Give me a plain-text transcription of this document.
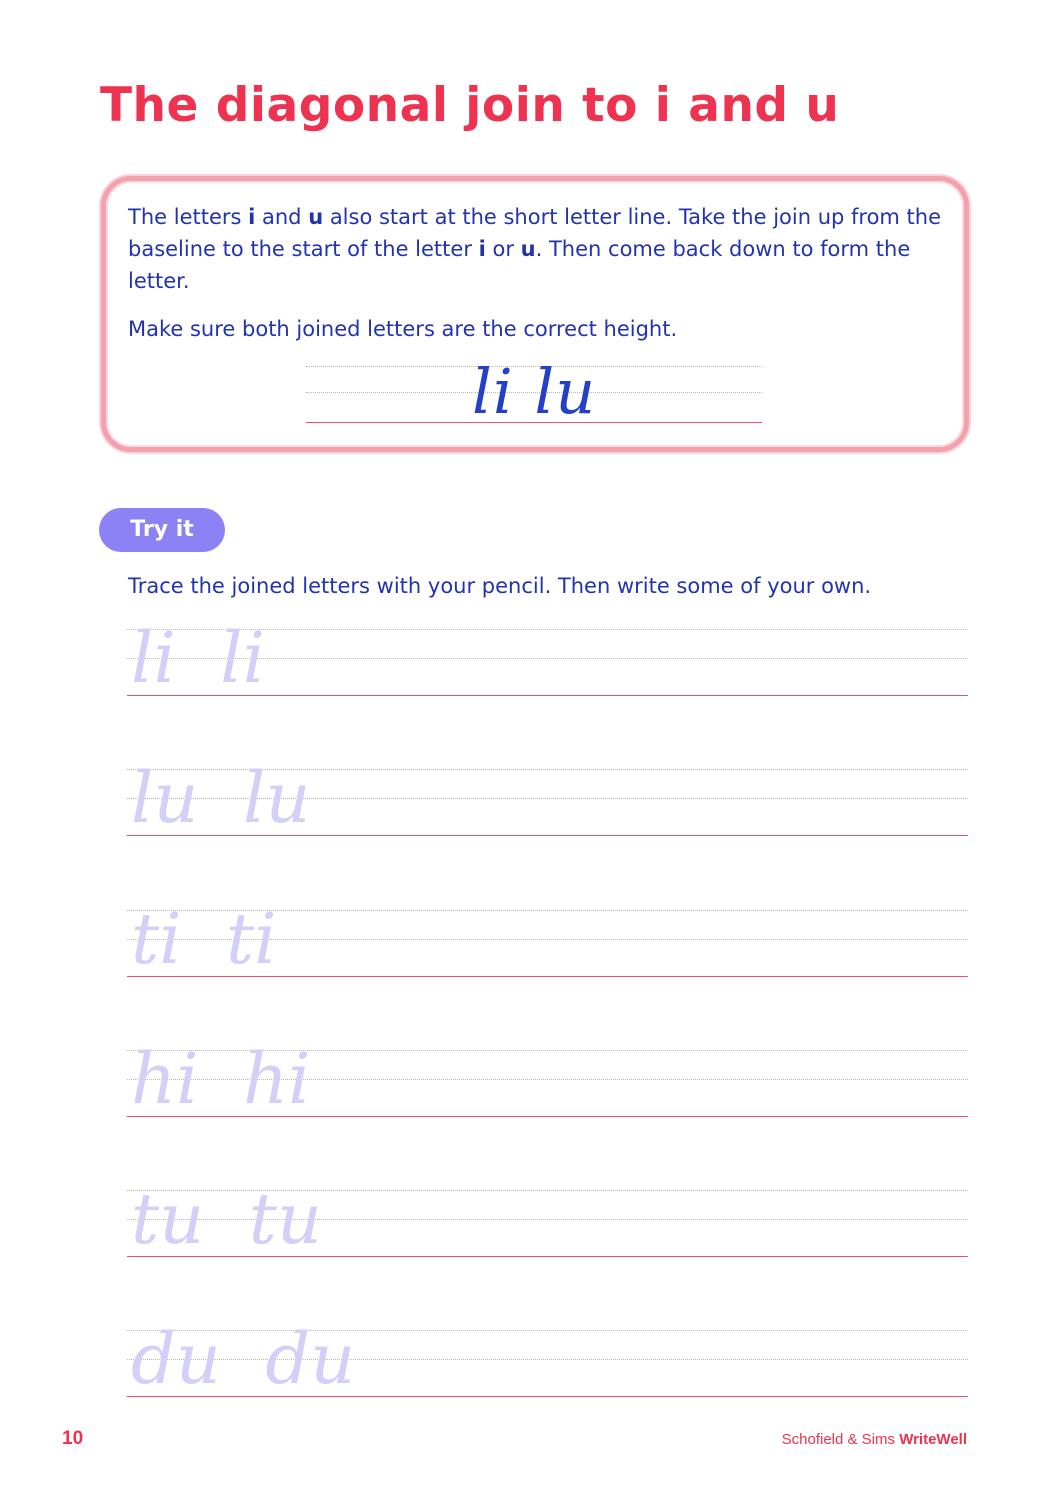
The diagonal join to i and u

The letters i and u also start at the short letter line. Take the join up from the baseline to the start of the letter i or u. Then come back down to form the letter.

Make sure both joined letters are the correct height.

li lu
Try it

Trace the joined letters with your pencil. Then write some of your own.

li  li
lu  lu
ti  ti
hi  hi
tu  tu
du  du
10	Schofield & Sims WriteWell
